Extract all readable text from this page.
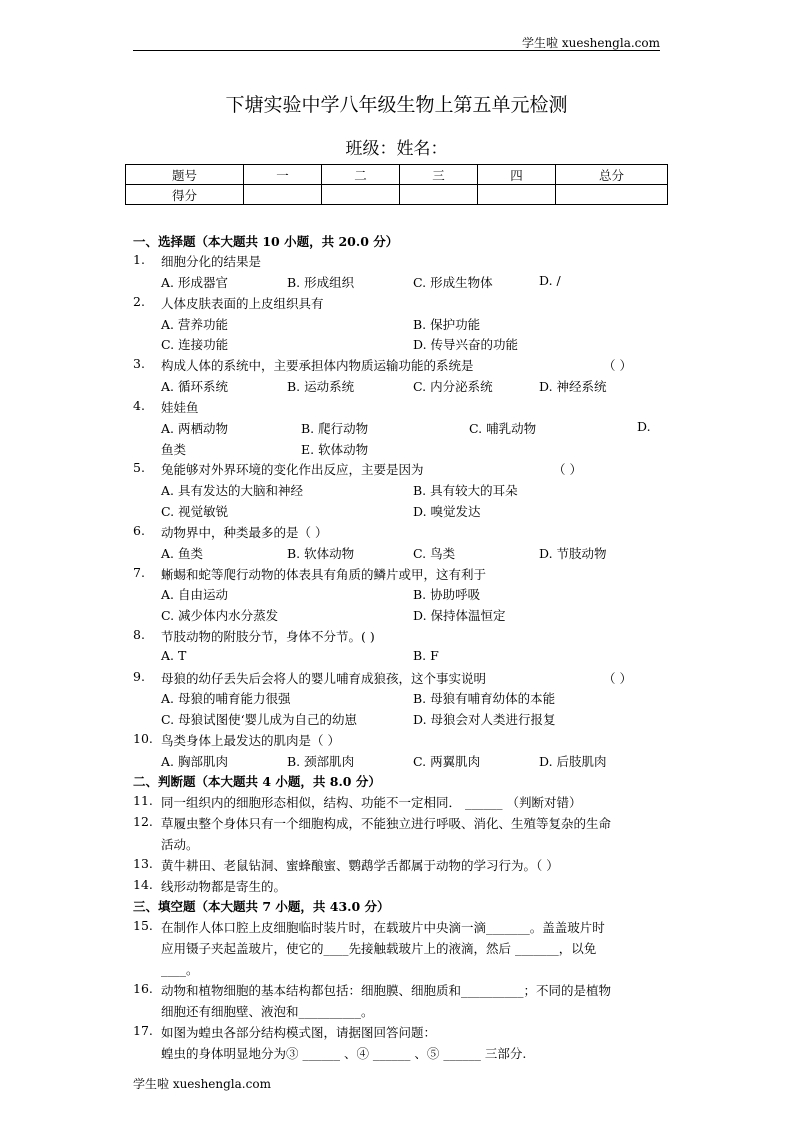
学生啦 xueshengla.com
下塘实验中学八年级生物上第五单元检测
班级：姓名：
题号	一	二	三	四	总分
得分					
一、选择题（本大题共 10 小题，共 20.0 分）
1. 细胞分化的结果是
A. 形成器官	B. 形成组织	C. 形成生物体	D. /
2. 人体皮肤表面的上皮组织具有
A. 营养功能	B. 保护功能
C. 连接功能	D. 传导兴奋的功能
3. 构成人体的系统中，主要承担体内物质运输功能的系统是	（ ）
A. 循环系统	B. 运动系统	C. 内分泌系统	D. 神经系统
4. 娃娃鱼
A. 两栖动物	B. 爬行动物	C. 哺乳动物	D.
鱼类	E. 软体动物
5. 兔能够对外界环境的变化作出反应，主要是因为	（ ）
A. 具有发达的大脑和神经	B. 具有较大的耳朵
C. 视觉敏锐	D. 嗅觉发达
6. 动物界中，种类最多的是（ ）
A. 鱼类	B. 软体动物	C. 鸟类	D. 节肢动物
7. 蜥蜴和蛇等爬行动物的体表具有角质的鳞片或甲，这有利于
A. 自由运动	B. 协助呼吸
C. 减少体内水分蒸发	D. 保持体温恒定
8. 节肢动物的附肢分节，身体不分节。( )
A. T	B. F
9. 母狼的幼仔丢失后会将人的婴儿哺育成狼孩，这个事实说明	（ ）
A. 母狼的哺育能力很强	B. 母狼有哺育幼体的本能
C. 母狼试图使‘婴儿成为自己的幼崽	D. 母狼会对人类进行报复
10. 鸟类身体上最发达的肌肉是（ ）
A. 胸部肌肉	B. 颈部肌肉	C. 两翼肌肉	D. 后肢肌肉
二、判断题（本大题共 4 小题，共 8.0 分）
11. 同一组织内的细胞形态相似，结构、功能不一定相同． ______ （判断对错）
12. 草履虫整个身体只有一个细胞构成，不能独立进行呼吸、消化、生殖等复杂的生命
活动。
13. 黄牛耕田、老鼠钻洞、蜜蜂酿蜜、鹦鹉学舌都属于动物的学习行为。（ ）
14. 线形动物都是寄生的。
三、填空题（本大题共 7 小题，共 43.0 分）
15. 在制作人体口腔上皮细胞临时装片时，在载玻片中央滴一滴_______。盖盖玻片时
应用镊子夹起盖玻片，使它的____先接触载玻片上的液滴，然后 _______，以免
____。
16. 动物和植物细胞的基本结构都包括：细胞膜、细胞质和__________；不同的是植物
细胞还有细胞壁、液泡和__________。
17. 如图为蝗虫各部分结构模式图，请据图回答问题：
蝗虫的身体明显地分为③ ______ 、④ ______ 、⑤ ______ 三部分.
学生啦 xueshengla.com
